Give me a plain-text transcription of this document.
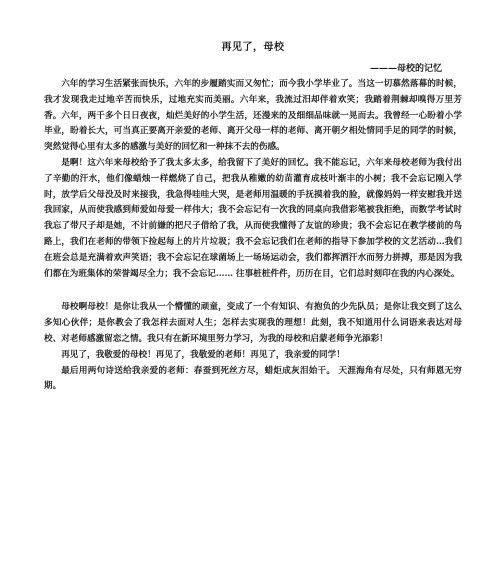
再见了，母校
———母校的记忆

六年的学习生活紧张而快乐，六年的步履踏实而又匆忙；而今我小学毕业了。当这一切慕然落幕的时候，我才发现我走过地辛苦而快乐，过地充实而美丽。六年来，我流过汨却伴着欢笑；我踏着荆棘却嗅得万里芳香。六年，两千多个日日夜夜，灿烂美好的小学生活，还漫来的及细细品味就一晃而去。我曾经一心盼着小学毕业，盼着长大，可当真正要离开亲爱的老师、离开父母一样的老师、离开朝夕相处情同手足的同学的时候，突然觉得心里有太多的感激与美好的回忆和一种抹不去的伤感。

是啊！这六年来母校给予了我太多太多，给我留下了美好的回忆。我不能忘记，六年来母校老师为我付出了辛勤的汗水，他们像蜡烛一样燃烧了自己，把我从稚嫩的幼苗灌育成枝叶渐丰的小树；我不会忘记刚入学时，放学后父母没及时来接我，我急得哇哇大哭，是老师用温暖的手抚摸着我的脸，就像妈妈一样安慰我并送我回家，从而使我感到师爱如母爱一样伟大；我不会忘记有一次我的同桌向我借彩笔被我拒绝，而数学考试时我忘了带尺子却是她，不计前嫌的把尺子借给了我，从而使我懂得了友谊的珍贵；我不会忘记在教学楼前的鸟路上，我们在老师的带领下捡起每上的片片垃圾；我不会忘记我们在老师的指导下参加学校的文艺活动…我们在班会总是充满着欢声笑语；我不会忘记在球菌场上一场场运动会，我们都挥洒汗水而努力拼搏，那是因为我们都在为班集体的荣誉竭尽全力；我不会忘记…… 往事桩桩件件，历历在目，它们总时刻印在我的内心深处。

母校啊母校！是你让我从一个懵懂的顽童，变成了一个有知识、有抱负的少先队员；是你让我交到了这么多知心伙伴；是你教会了我怎样去面对人生；怎样去实现我的理想！此刻，我不知道用什么词语来表达对母校、对老师感激留恋之情。我只有在新环境里努力学习，为我的母校和启蒙老师争光添彩！

再见了，我敬爱的母校！再见了，我敬爱的老师！再见了，我亲爱的同学！

最后用两句诗送给我亲爱的老师：春蚕到死丝方尽，蜡炬成灰泪始干。 天涯海角有尽处，只有师恩无穷期。
